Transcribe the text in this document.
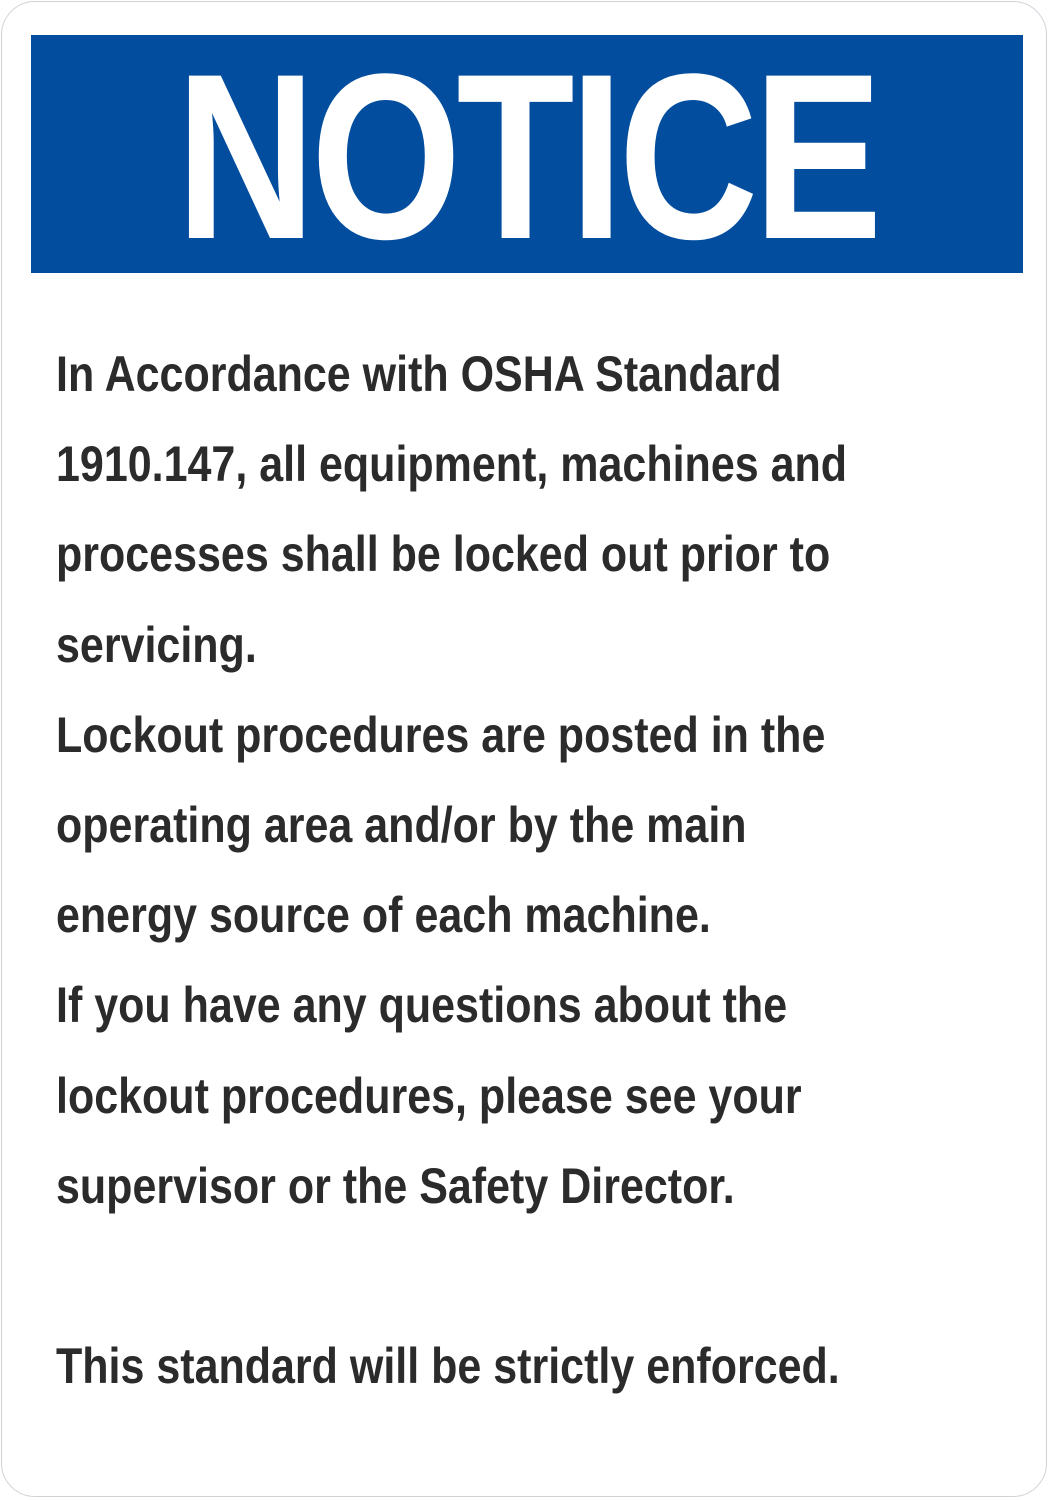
NOTICE
In Accordance with OSHA Standard
1910.147, all equipment, machines and
processes shall be locked out prior to
servicing.
Lockout procedures are posted in the
operating area and/or by the main
energy source of each machine.
If you have any questions about the
lockout procedures, please see your
supervisor or the Safety Director.
This standard will be strictly enforced.
